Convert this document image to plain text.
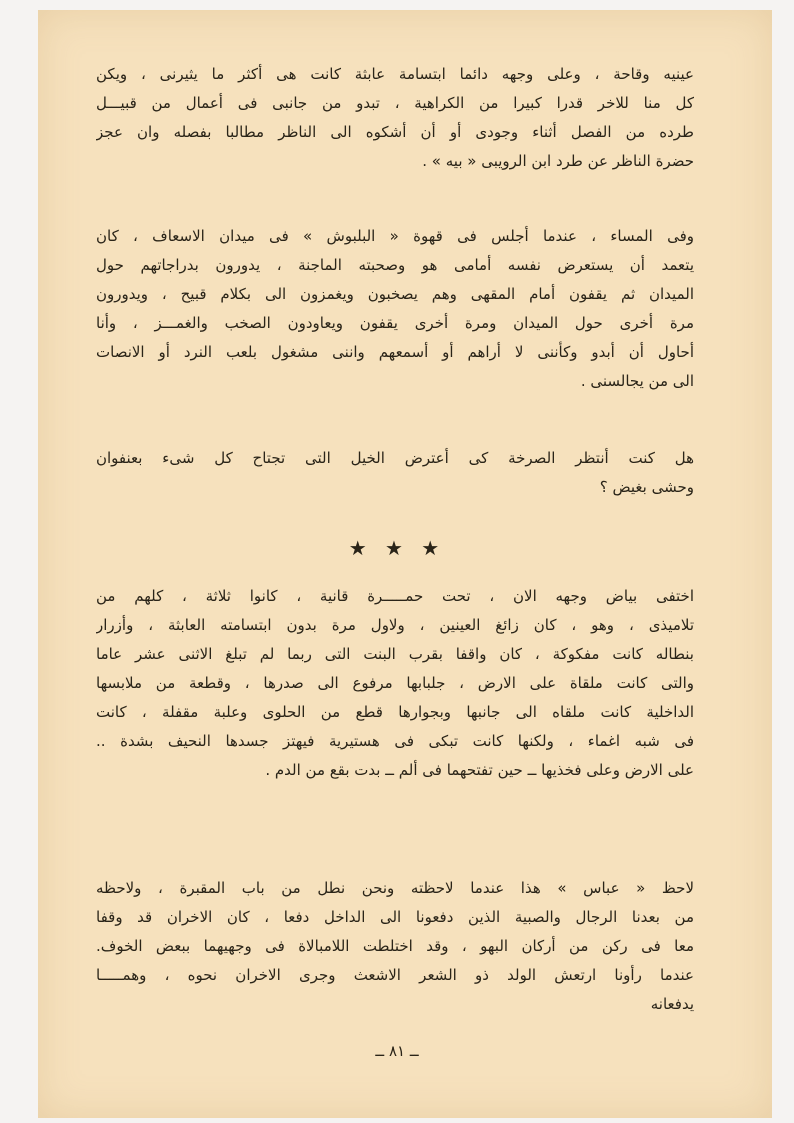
عينيه وقاحة ، وعلى وجهه دائما ابتسامة عابثة كانت هى أكثر ما يثيرنى ، ويكن
كل منا للاخر قدرا كبيرا من الكراهية ، تبدو من جانبى فى أعمال من قبيـــل
طرده من الفصل أثناء وجودى أو أن أشكوه الى الناظر مطالبا بفصله وان عجز
حضرة الناظر عن طرد ابن الرويبى « بيه » .
وفى المساء ، عندما أجلس فى قهوة « البلبوش » فى ميدان الاسعاف ، كان
يتعمد أن يستعرض نفسه أمامى هو وصحبته الماجنة ، يدورون بدراجاتهم حول
الميدان ثم يقفون أمام المقهى وهم يصخبون ويغمزون الى بكلام قبيح ، ويدورون
مرة أخرى حول الميدان ومرة أخرى يقفون ويعاودون الصخب والغمـــز ، وأنا
أحاول أن أبدو وكأننى لا أراهم أو أسمعهم واننى مشغول بلعب النرد أو الانصات
الى من يجالسنى .
هل كنت أنتظر الصرخة كى أعترض الخيل التى تجتاح كل شىء بعنفوان
وحشى بغيض ؟
★ ★ ★
اختفى بياض وجهه الان ، تحت حمـــــرة قانية ، كانوا ثلاثة ، كلهم من
تلاميذى ، وهو ، كان زائغ العينين ، ولاول مرة بدون ابتسامته العابثة ، وأزرار
بنطاله كانت مفكوكة ، كان واقفا بقرب البنت التى ربما لم تبلغ الاثنى عشر عاما
والتى كانت ملقاة على الارض ، جلبابها مرفوع الى صدرها ، وقطعة من ملابسها
الداخلية كانت ملقاه الى جانبها وبجوارها قطع من الحلوى وعلبة مقفلة ، كانت
فى شبه اغماء ، ولكنها كانت تبكى فى هستيرية فيهتز جسدها النحيف بشدة ..
على الارض وعلى فخذيها ــ حين تفتحهما فى ألم ــ بدت بقع من الدم .
لاحظ « عباس » هذا عندما لاحظته ونحن نطل من باب المقبرة ، ولاحظه
من بعدنا الرجال والصبية الذين دفعونا الى الداخل دفعا ، كان الاخران قد وقفا
معا فى ركن من أركان البهو ، وقد اختلطت اللامبالاة فى وجهيهما ببعض الخوف.
عندما رأونا ارتعش الولد ذو الشعر الاشعث وجرى الاخران نحوه ، وهمـــــا
يدفعانه
ــ ٨١ ــ
